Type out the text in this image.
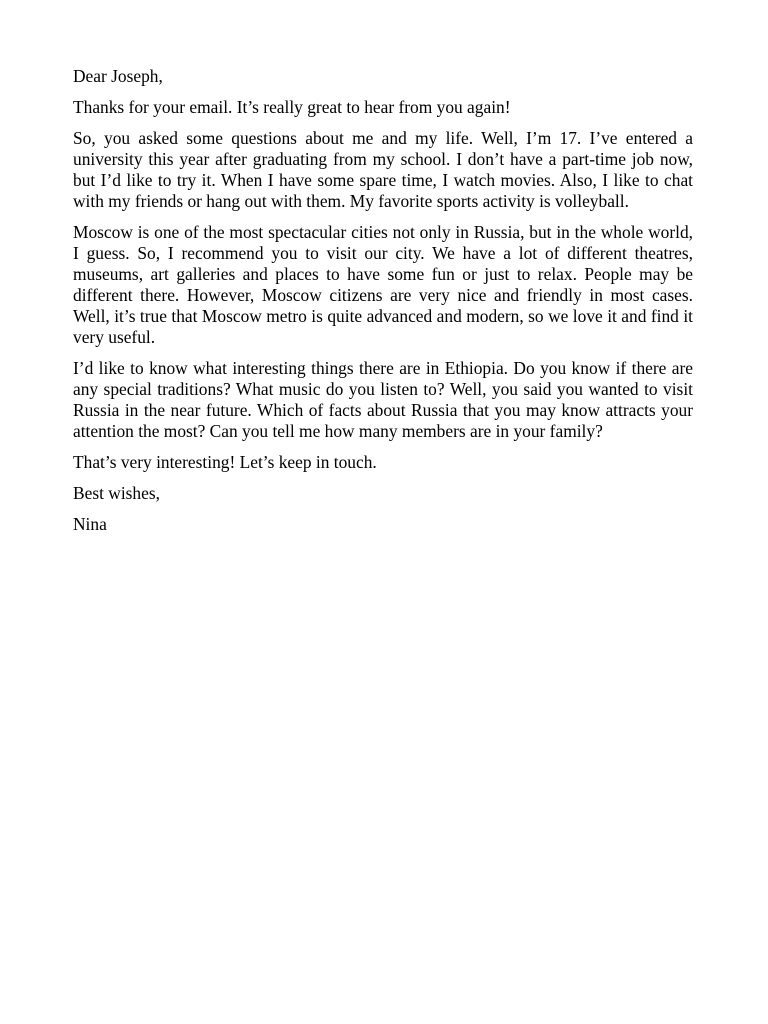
Dear Joseph,

Thanks for your email. It’s really great to hear from you again!

So, you asked some questions about me and my life. Well, I’m 17. I’ve entered a university this year after graduating from my school. I don’t have a part-time job now, but I’d like to try it. When I have some spare time, I watch movies. Also, I like to chat with my friends or hang out with them. My favorite sports activity is volleyball.

Moscow is one of the most spectacular cities not only in Russia, but in the whole world, I guess. So, I recommend you to visit our city. We have a lot of different theatres, museums, art galleries and places to have some fun or just to relax. People may be different there. However, Moscow citizens are very nice and friendly in most cases. Well, it’s true that Moscow metro is quite advanced and modern, so we love it and find it very useful.

I’d like to know what interesting things there are in Ethiopia. Do you know if there are any special traditions? What music do you listen to? Well, you said you wanted to visit Russia in the near future. Which of facts about Russia that you may know attracts your attention the most? Can you tell me how many members are in your family?

That’s very interesting! Let’s keep in touch.

Best wishes,

Nina
